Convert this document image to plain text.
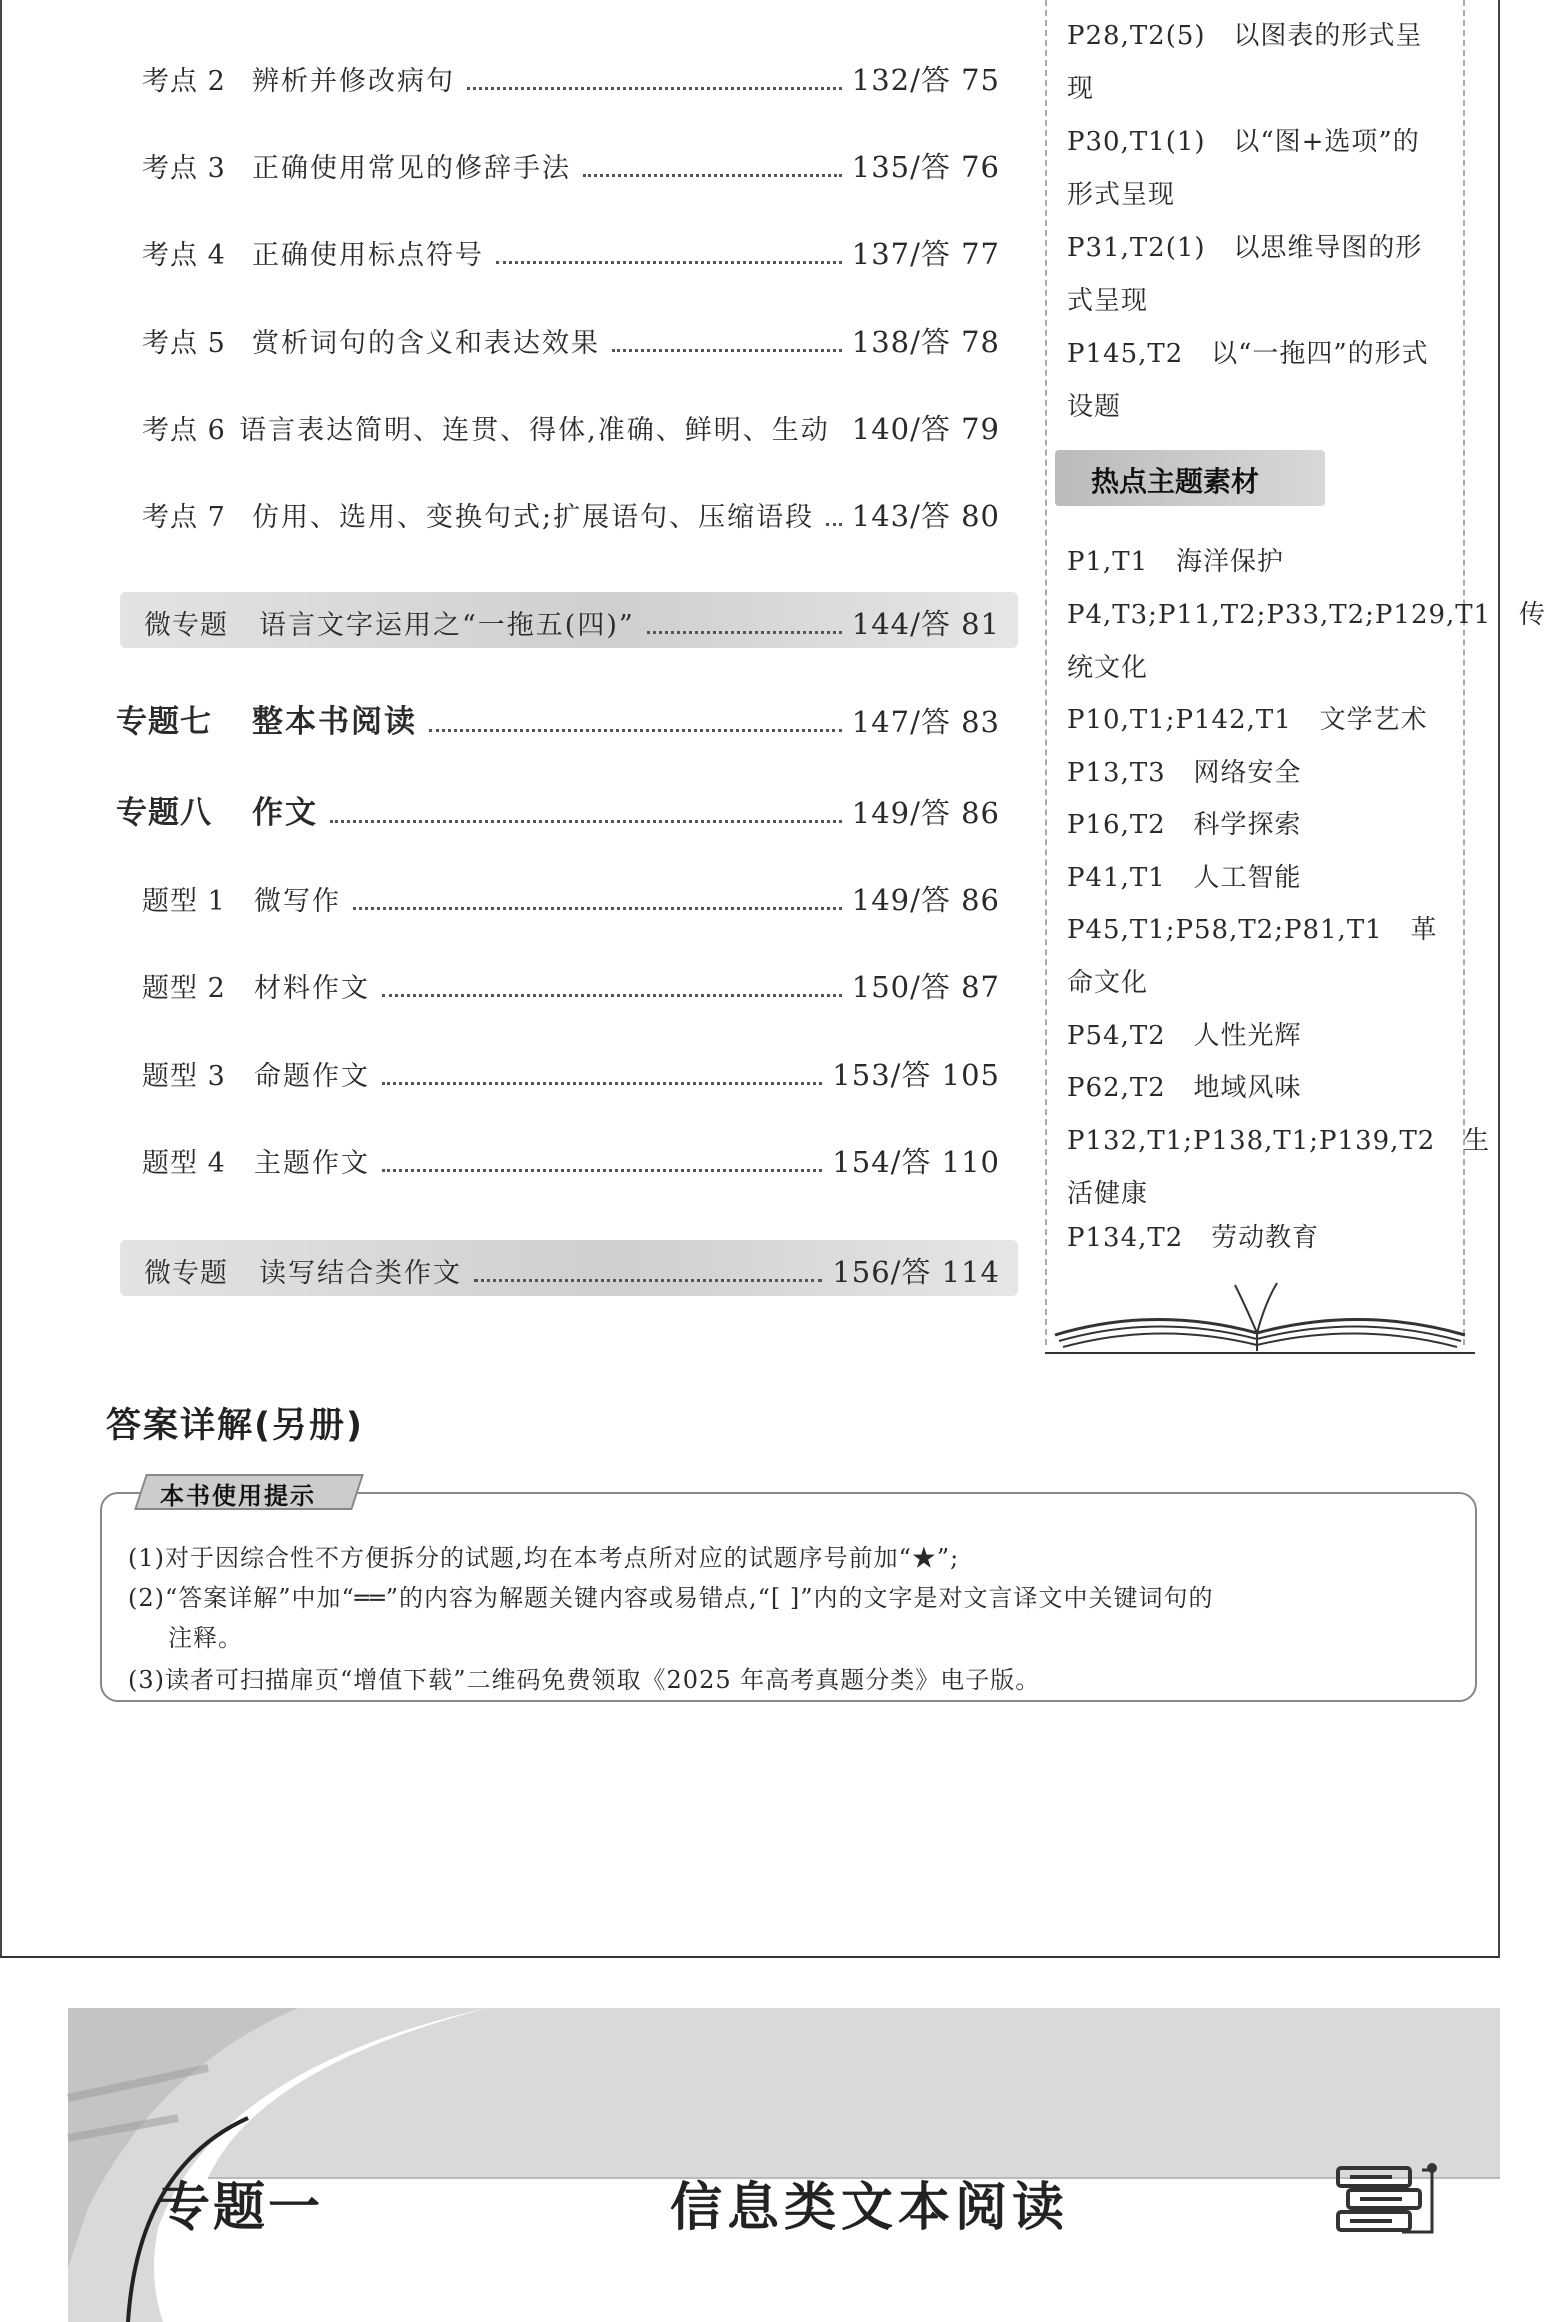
考点 2 辨析并修改病句	132/答 75
考点 3 正确使用常见的修辞手法	135/答 76
考点 4 正确使用标点符号	137/答 77
考点 5 赏析词句的含义和表达效果	138/答 78
考点 6 语言表达简明、连贯、得体,准确、鲜明、生动 140/答 79
考点 7 仿用、选用、变换句式;扩展语句、压缩语段 143/答 80
微专题	语言文字运用之“一拖五(四)”	144/答 81
专题七	整本书阅读	147/答 83
专题八	作文	149/答 86
题型 1	微写作	149/答 86
题型 2	材料作文	150/答 87
题型 3	命题作文	153/答 105
题型 4	主题作文	154/答 110
微专题	读写结合类作文	156/答 114
P28,T2(5) 以图表的形式呈现
P30,T1(1) 以“图+选项”的形式呈现
P31,T2(1) 以思维导图的形式呈现
P145,T2 以“一拖四”的形式设题
热点主题素材
P1,T1 海洋保护
P4,T3;P11,T2;P33,T2;P129,T1 传统文化
P10,T1;P142,T1 文学艺术
P13,T3 网络安全
P16,T2 科学探索
P41,T1 人工智能
P45,T1;P58,T2;P81,T1 革命文化
P54,T2 人性光辉
P62,T2 地域风味
P132,T1;P138,T1;P139,T2 生活健康
P134,T2 劳动教育
答案详解(另册)
本书使用提示
(1)对于因综合性不方便拆分的试题,均在本考点所对应的试题序号前加“★”;
(2)“答案详解”中加“══”的内容为解题关键内容或易错点,“[ ]”内的文字是对文言译文中关键词句的
注释。
(3)读者可扫描扉页“增值下载”二维码免费领取《2025 年高考真题分类》电子版。
专题一	信息类文本阅读
